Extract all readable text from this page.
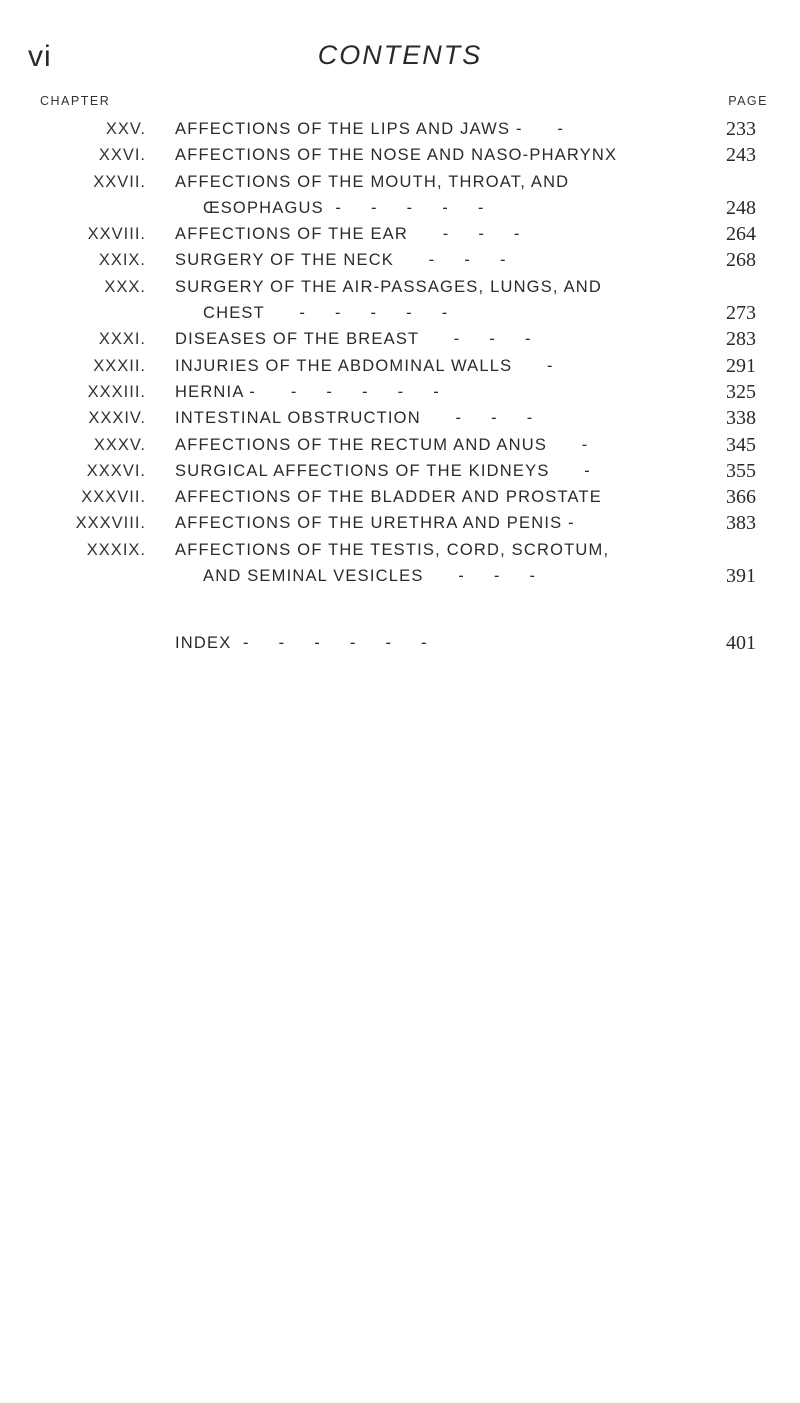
vi	CONTENTS
CHAPTER	PAGE
XXV. AFFECTIONS OF THE LIPS AND JAWS -      -	233
XXVI. AFFECTIONS OF THE NOSE AND NASO-PHARYNX	243
XXVII. AFFECTIONS OF THE MOUTH, THROAT, AND
ŒSOPHAGUS  -     -     -     -     -	248
XXVIII. AFFECTIONS OF THE EAR      -     -     -	264
XXIX. SURGERY OF THE NECK      -     -     -	268
XXX. SURGERY OF THE AIR-PASSAGES, LUNGS, AND
CHEST      -     -     -     -     -	273
XXXI. DISEASES OF THE BREAST      -     -     -	283
XXXII. INJURIES OF THE ABDOMINAL WALLS      -	291
XXXIII. HERNIA -      -     -     -     -     -	325
XXXIV. INTESTINAL OBSTRUCTION      -     -     -	338
XXXV. AFFECTIONS OF THE RECTUM AND ANUS      -	345
XXXVI. SURGICAL AFFECTIONS OF THE KIDNEYS      -	355
XXXVII. AFFECTIONS OF THE BLADDER AND PROSTATE	366
XXXVIII. AFFECTIONS OF THE URETHRA AND PENIS -	383
XXXIX. AFFECTIONS OF THE TESTIS, CORD, SCROTUM,
AND SEMINAL VESICLES      -     -     -	391
INDEX  -     -     -     -     -     -	401
